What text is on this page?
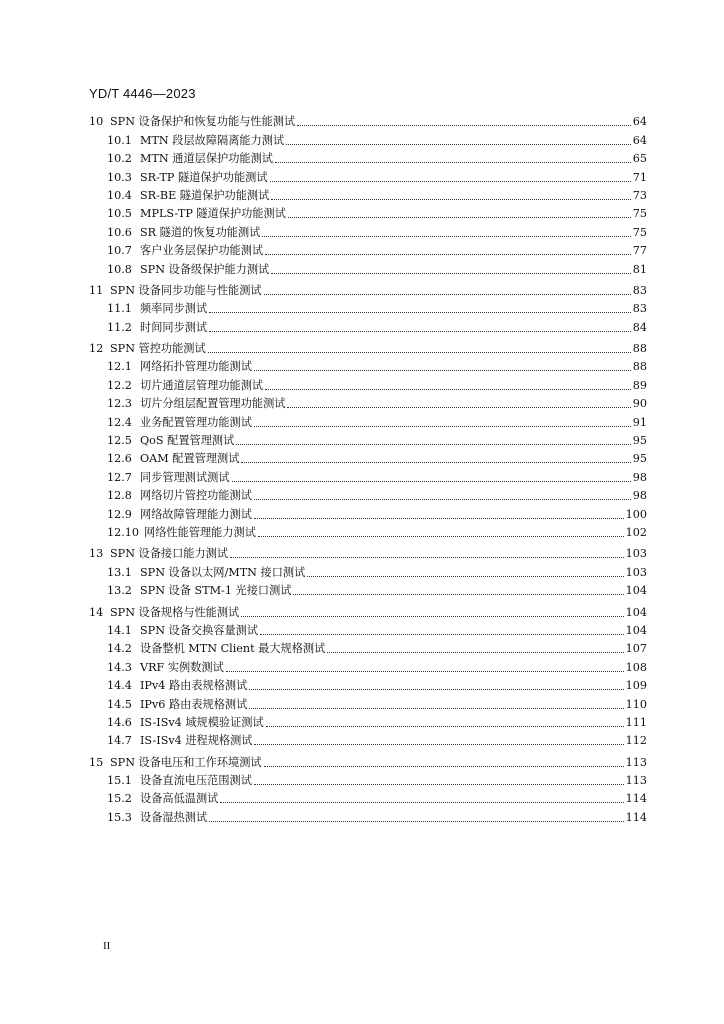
YD/T 4446—2023
10 SPN 设备保护和恢复功能与性能测试	64
10.1 MTN 段层故障隔离能力测试	64
10.2 MTN 通道层保护功能测试	65
10.3 SR-TP 隧道保护功能测试	71
10.4 SR-BE 隧道保护功能测试	73
10.5 MPLS-TP 隧道保护功能测试	75
10.6 SR 隧道的恢复功能测试	75
10.7 客户业务层保护功能测试	77
10.8 SPN 设备级保护能力测试	81
11 SPN 设备同步功能与性能测试	83
11.1 频率同步测试	83
11.2 时间同步测试	84
12 SPN 管控功能测试	88
12.1 网络拓扑管理功能测试	88
12.2 切片通道层管理功能测试	89
12.3 切片分组层配置管理功能测试	90
12.4 业务配置管理功能测试	91
12.5 QoS 配置管理测试	95
12.6 OAM 配置管理测试	95
12.7 同步管理测试测试	98
12.8 网络切片管控功能测试	98
12.9 网络故障管理能力测试	100
12.10 网络性能管理能力测试	102
13 SPN 设备接口能力测试	103
13.1 SPN 设备以太网/MTN 接口测试	103
13.2 SPN 设备 STM-1 光接口测试	104
14 SPN 设备规格与性能测试	104
14.1 SPN 设备交换容量测试	104
14.2 设备整机 MTN Client 最大规格测试	107
14.3 VRF 实例数测试	108
14.4 IPv4 路由表规格测试	109
14.5 IPv6 路由表规格测试	110
14.6 IS-ISv4 域规模验证测试	111
14.7 IS-ISv4 进程规格测试	112
15 SPN 设备电压和工作环境测试	113
15.1 设备直流电压范围测试	113
15.2 设备高低温测试	114
15.3 设备湿热测试	114
II
